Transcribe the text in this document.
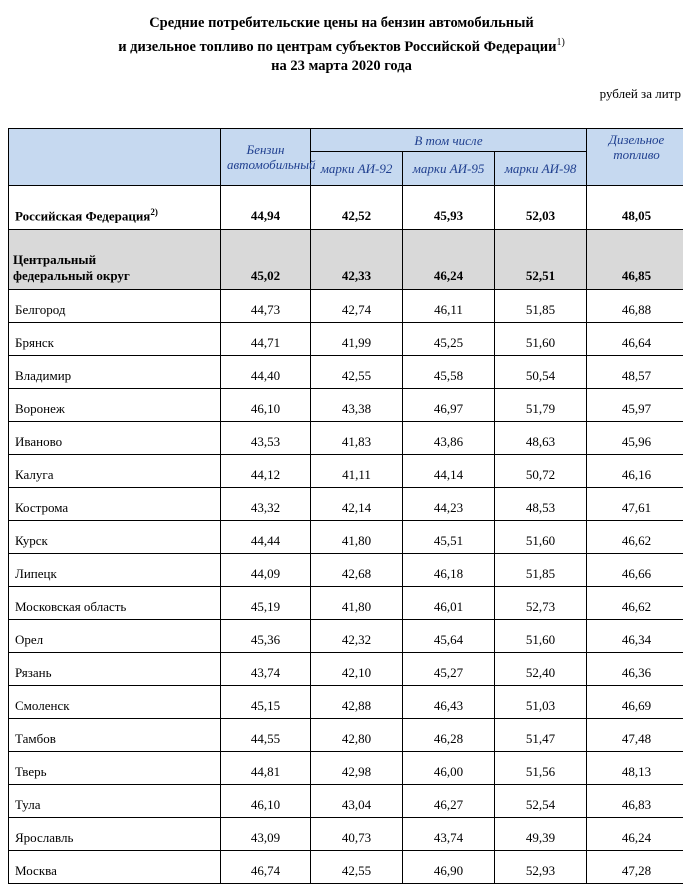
Средние потребительские цены на бензин автомобильный
и дизельное топливо по центрам субъектов Российской Федерации$^{1)}$
на 23 марта 2020 года
рублей за литр
	Бензин автомобильный	В том числе			Дизельное топливо
		марки АИ-92	марки АИ-95	марки АИ-98	
Российская Федерация$^{2)}$	44,94	42,52	45,93	52,03	48,05

Центральный
федеральный округ	45,02	42,33	46,24	52,51	46,85
Белгород	44,73	42,74	46,11	51,85	46,88
Брянск	44,71	41,99	45,25	51,60	46,64
Владимир	44,40	42,55	45,58	50,54	48,57
Воронеж	46,10	43,38	46,97	51,79	45,97
Иваново	43,53	41,83	43,86	48,63	45,96
Калуга	44,12	41,11	44,14	50,72	46,16
Кострома	43,32	42,14	44,23	48,53	47,61
Курск	44,44	41,80	45,51	51,60	46,62
Липецк	44,09	42,68	46,18	51,85	46,66
Московская область	45,19	41,80	46,01	52,73	46,62
Орел	45,36	42,32	45,64	51,60	46,34
Рязань	43,74	42,10	45,27	52,40	46,36
Смоленск	45,15	42,88	46,43	51,03	46,69
Тамбов	44,55	42,80	46,28	51,47	47,48
Тверь	44,81	42,98	46,00	51,56	48,13
Тула	46,10	43,04	46,27	52,54	46,83
Ярославль	43,09	40,73	43,74	49,39	46,24
Москва	46,74	42,55	46,90	52,93	47,28
